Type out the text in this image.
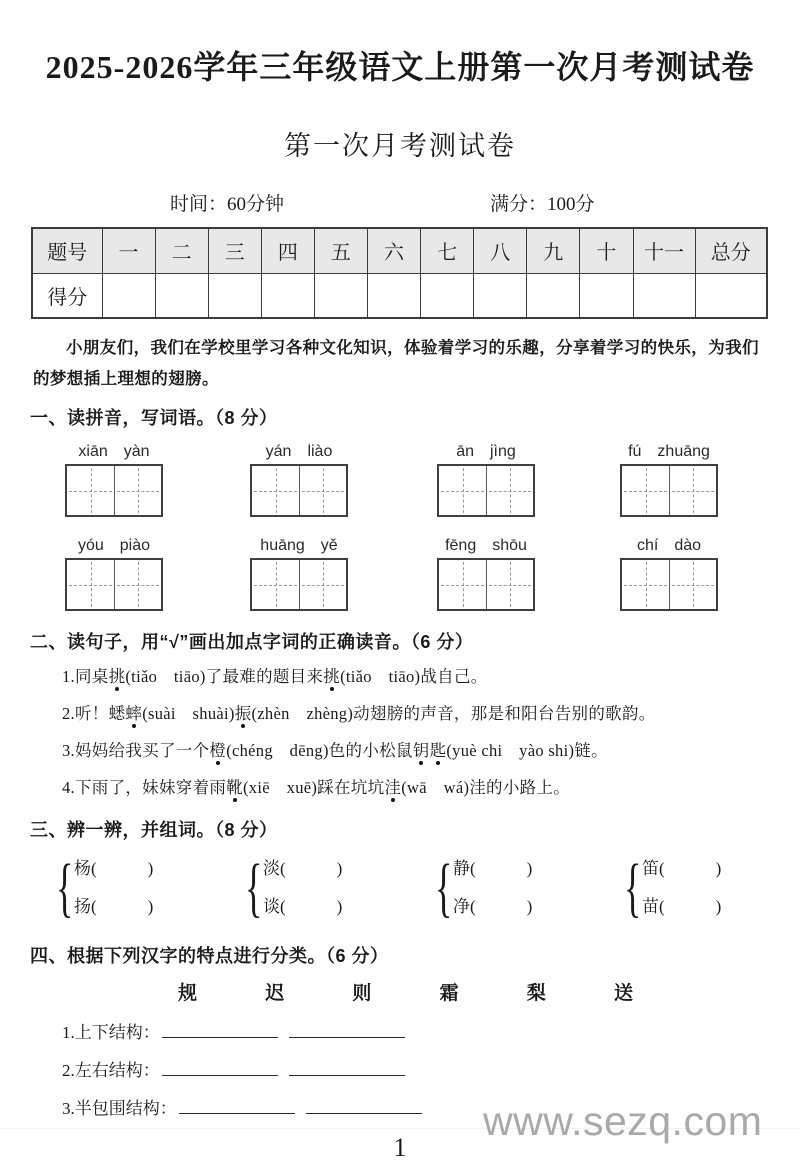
2025-2026学年三年级语文上册第一次月考测试卷
第一次月考测试卷
时间：60分钟	满分：100分
题号	一	二	三	四	五	六	七	八	九	十	十一	总分
得分												
小朋友们，我们在学校里学习各种文化知识，体验着学习的乐趣，分享着学习的快乐，为我们的梦想插上理想的翅膀。
一、读拼音，写词语。（8 分）
xiān　yàn	yán　liào	ān　jìng	fú　zhuāng
yóu　piào	huāng　yě	fēng　shōu	chí　dào
二、读句子，用“√”画出加点字词的正确读音。（6 分）
1.同桌挑(tiǎo　tiāo)了最难的题目来挑(tiǎo　tiāo)战自己。
2.听！蟋蟀(suài　shuài)振(zhèn　zhèng)动翅膀的声音，那是和阳台告别的歌韵。
3.妈妈给我买了一个橙(chéng　dēng)色的小松鼠钥匙(yuè chi　yào shi)链。
4.下雨了，妹妹穿着雨靴(xiē　xuē)踩在坑坑洼(wā　wá)洼的小路上。
三、辨一辨，并组词。（8 分）
{
杨(　　　)
扬(　　　)
{
淡(　　　)
谈(　　　)
{
静(　　　)
净(　　　)
{
笛(　　　)
苗(　　　)
四、根据下列汉字的特点进行分类。（6 分）
规	迟	则	霜	梨	送
1.上下结构：
2.左右结构：
3.半包围结构：
1
www.sezq.com
